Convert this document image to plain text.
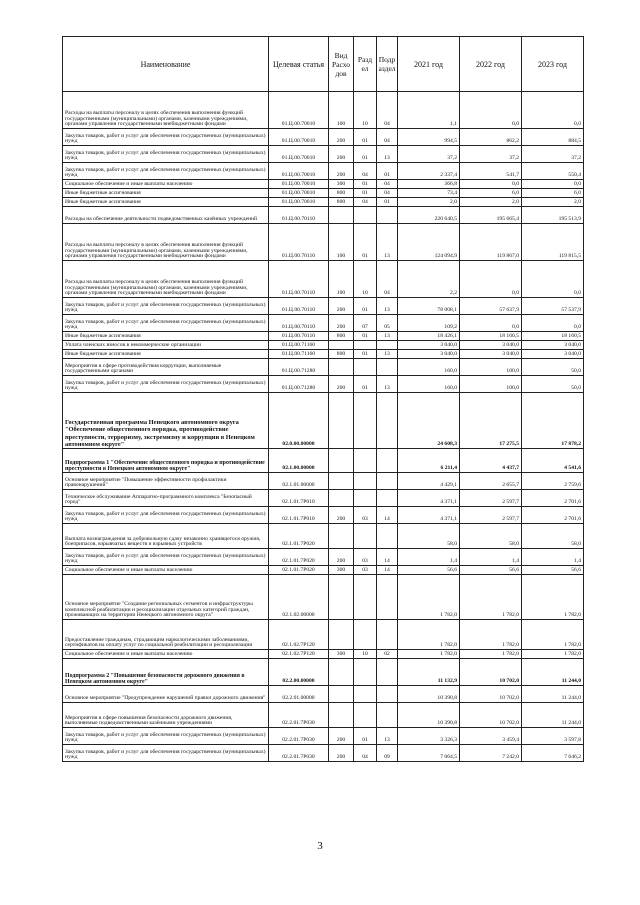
Наименование	Целевая статья	Вид Расхо дов	Разд ел	Подр аздел	2021 год	2022 год	2023 год
Расходы на выплаты персоналу в целях обеспечения выполнения функций государственными (муниципальными) органами, казенными учреждениями, органами управления государственными внебюджетными фондами	01.Ц.00.70010	100	10	04	1,1	0,0	0,0
Закупка товаров, работ и услуг для обеспечения государственных (муниципальных) нужд	01.Ц.00.70010	200	01	04	994,5	862,2	884,5
Закупка товаров, работ и услуг для обеспечения государственных (муниципальных) нужд	01.Ц.00.70010	200	01	13	37,2	37,2	37,2
Закупка товаров, работ и услуг для обеспечения государственных (муниципальных) нужд	01.Ц.00.70010	200	04	01	2 337,4	541,7	550,4
Социальное обеспечение и иные выплаты населению	01.Ц.00.70010	300	01	04	366,8	0,0	0,0
Иные бюджетные ассигнования	01.Ц.00.70010	800	01	04	73,4	6,0	6,0
Иные бюджетные ассигнования	01.Ц.00.70010	800	04	01	2,0	2,0	2,0
Расходы на обеспечение деятельности подведомственных казённых учреждений	01.Ц.00.70110				220 640,5	195 665,4	195 513,9
Расходы на выплаты персоналу в целях обеспечения выполнения функций государственными (муниципальными) органами, казенными учреждениями, органами управления государственными внебюджетными фондами	01.Ц.00.70110	100	01	13	124 094,9	119 867,0	119 815,5
Расходы на выплаты персоналу в целях обеспечения выполнения функций государственными (муниципальными) органами, казенными учреждениями, органами управления государственными внебюджетными фондами	01.Ц.00.70110	100	10	04	2,2	0,0	0,0
Закупка товаров, работ и услуг для обеспечения государственных (муниципальных) нужд	01.Ц.00.70110	200	01	13	78 008,1	57 637,9	57 537,9
Закупка товаров, работ и услуг для обеспечения государственных (муниципальных) нужд	01.Ц.00.70110	200	07	05	109,2	0,0	0,0
Иные бюджетные ассигнования	01.Ц.00.70110	800	01	13	18 426,1	18 160,5	18 160,5
Уплата членских взносов в некоммерческие организации	01.Ц.00.71160				3 040,0	3 040,0	3 040,0
Иные бюджетные ассигнования	01.Ц.00.71160	800	01	13	3 040,0	3 040,0	3 040,0
Мероприятия в сфере противодействия коррупции, выполняемые государственными органами	01.Ц.00.71280				160,0	100,0	50,0
Закупка товаров, работ и услуг для обеспечения государственных (муниципальных) нужд	01.Ц.00.71280	200	01	13	160,0	100,0	50,0
Государственная программа Ненецкого автономного округа "Обеспечение общественного порядка, противодействие преступности, терроризму, экстремизму и коррупции в Ненецком автономном округе"	02.0.00.00000				24 608,3	17 275,5	17 878,2
Подпрограмма 1 "Обеспечение общественного порядка и противодействие преступности в Ненецком автономном округе"	02.1.00.00000				6 211,4	4 437,7	4 541,6
Основное мероприятие "Повышение эффективности профилактики правонарушений"	02.1.01.00000				4 429,1	2 655,7	2 759,6
Техническое обслуживание Аппаратно-программного комплекса "Безопасный город"	02.1.01.7Р010				4 371,1	2 597,7	2 701,6
Закупка товаров, работ и услуг для обеспечения государственных (муниципальных) нужд	02.1.01.7Р010	200	03	14	4 371,1	2 597,7	2 701,6
Выплата вознаграждения за добровольную сдачу незаконно хранящегося оружия, боеприпасов, взрывчатых веществ и взрывных устройств	02.1.01.7Р020				58,0	58,0	58,0
Закупка товаров, работ и услуг для обеспечения государственных (муниципальных) нужд	02.1.01.7Р020	200	03	14	1,4	1,4	1,4
Социальное обеспечение и иные выплаты населению	02.1.01.7Р020	300	03	14	56,6	56,6	56,6
Основное мероприятие "Создание региональных сегментов и инфраструктуры комплексной реабилитации и ресоциализации отдельных категорий граждан, проживающих на территории Ненецкого автономного округа"	02.1.02.00000				1 782,0	1 782,0	1 782,0
Предоставление гражданам, страдающим наркологическими заболеваниями, сертификатов на оплату услуг по социальной реабилитации и ресоциализации	02.1.02.7Р120				1 782,0	1 782,0	1 782,0
Социальное обеспечение и иные выплаты населению	02.1.02.7Р120	300	10	02	1 782,0	1 782,0	1 782,0
Подпрограмма 2 "Повышение безопасности дорожного движения в Ненецком автономном округе"	02.2.00.00000				11 132,9	10 702,0	11 244,0
Основное мероприятие "Предупреждение нарушений правил дорожного движения"	02.2.01.00000				10 390,8	10 702,0	11 244,0
Мероприятия в сфере повышения безопасности дорожного движения, выполняемые подведомственными казёнными учреждениями	02.2.01.7Р030				10 390,8	10 702,0	11 244,0
Закупка товаров, работ и услуг для обеспечения государственных (муниципальных) нужд	02.2.01.7Р030	200	01	13	3 326,3	3 459,4	3 597,8
Закупка товаров, работ и услуг для обеспечения государственных (муниципальных) нужд	02.2.01.7Р030	200	04	09	7 064,5	7 242,0	7 646,2
3
